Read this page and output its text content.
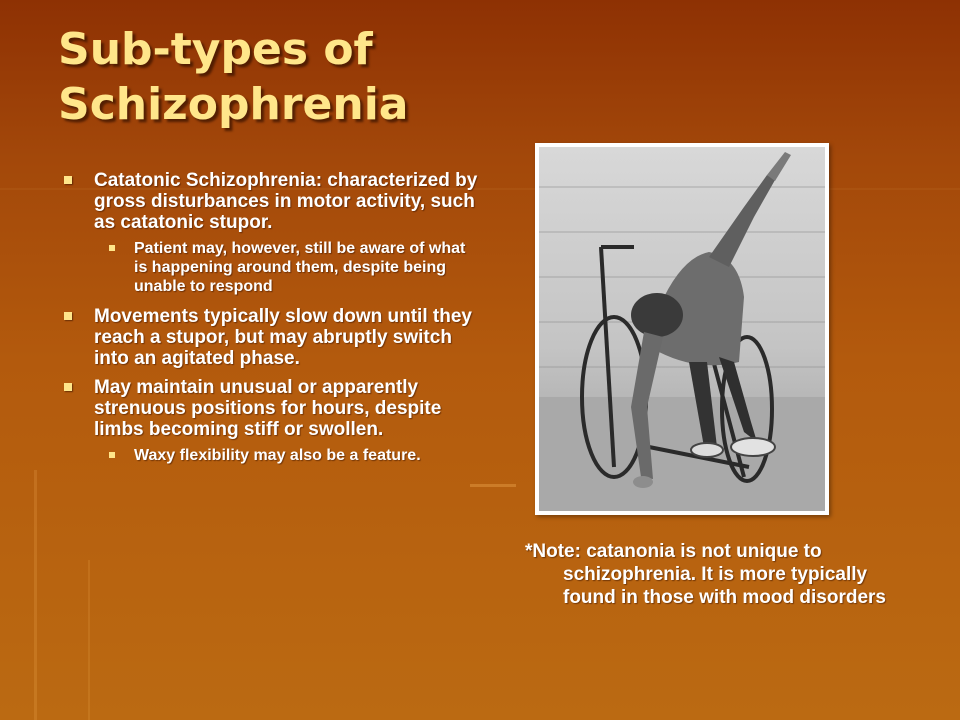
Sub-types of
Schizophrenia
Catatonic Schizophrenia: characterized by gross disturbances in motor activity, such as catatonic stupor.
Patient may, however, still be aware of what is happening around them, despite being unable to respond
Movements typically slow down until they reach a stupor, but may abruptly switch into an agitated phase.
May maintain unusual or apparently strenuous positions for hours, despite limbs becoming stiff or swollen.
Waxy flexibility may also be a feature.
*Note: catanonia is not unique to
schizophrenia. It is more typically found in those with mood disorders
